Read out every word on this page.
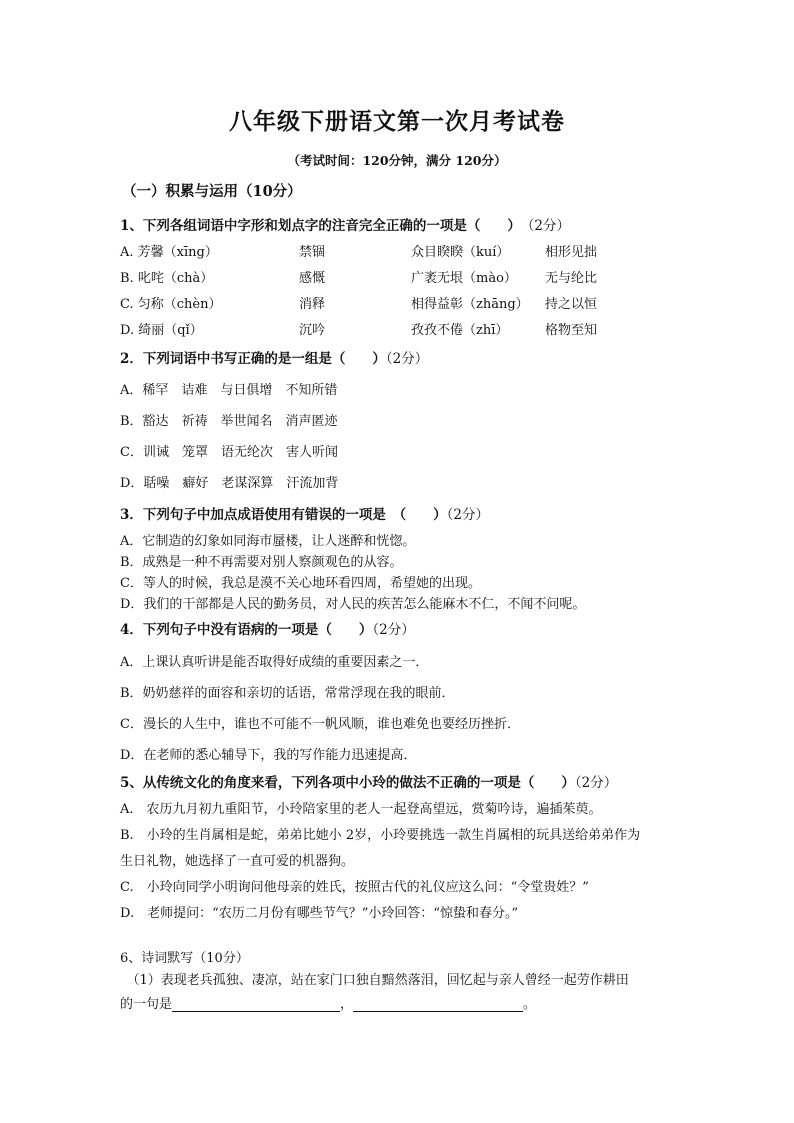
八年级下册语文第一次月考试卷
（考试时间：120分钟，满分 120分）
（一）积累与运用（10分）
1、下列各组词语中字形和划点字的注音完全正确的一项是（　　）　（2分）
A. 芳馨（xīng）	禁锢	众目睽睽（kuí）	相形见拙
B. 叱咤（chà）	感慨	广袤无垠（mào） 无与纶比
C. 匀称（chèn）	消释	相得益彰（zhāng） 持之以恒
D. 绮丽（qǐ）	沉吟	孜孜不倦（zhī）	格物至知
2．下列词语中书写正确的是一组是（　　）（2分）
A．稀罕　诘难　与日俱增　不知所错
B．豁达　祈祷　举世闻名　消声匿迹
C．训诫　笼罩　语无纶次　害人听闻
D．聒噪　癖好　老谋深算　汗流加背
3．下列句子中加点成语使用有错误的一项是　（　　）（2分）
A．它制造的幻象如同海市蜃楼，让人迷醉和恍惚。
B．成熟是一种不再需要对别人察颜观色的从容。
C．等人的时候，我总是漠不关心地环看四周，希望她的出现。
D．我们的干部都是人民的勤务员，对人民的疾苦怎么能麻木不仁，不闻不问呢。
4．下列句子中没有语病的一项是（　　）（2分）
A．上课认真听讲是能否取得好成绩的重要因素之一．
B．奶奶慈祥的面容和亲切的话语，常常浮现在我的眼前．
C．漫长的人生中，谁也不可能不一帆风顺，谁也难免也要经历挫折．
D．在老师的悉心辅导下，我的写作能力迅速提高．
5、从传统文化的角度来看，下列各项中小玲的做法不正确的一项是（　　）（2分）
A.　农历九月初九重阳节，小玲陪家里的老人一起登高望远，赏菊吟诗，遍插茱萸。
B.　小玲的生肖属相是蛇，弟弟比她小 2岁，小玲要挑选一款生肖属相的玩具送给弟弟作为
生日礼物，她选择了一直可爱的机器狗。
C.　小玲向同学小明询问他母亲的姓氏，按照古代的礼仪应这么问：“令堂贵姓？”
D.　老师提问：“农历二月份有哪些节气？”小玲回答：“惊蛰和春分。”
6、诗词默写（10分）
　（1）表现老兵孤独、凄凉，站在家门口独自黯然落泪，回忆起与亲人曾经一起劳作耕田
的一句是	，	。
